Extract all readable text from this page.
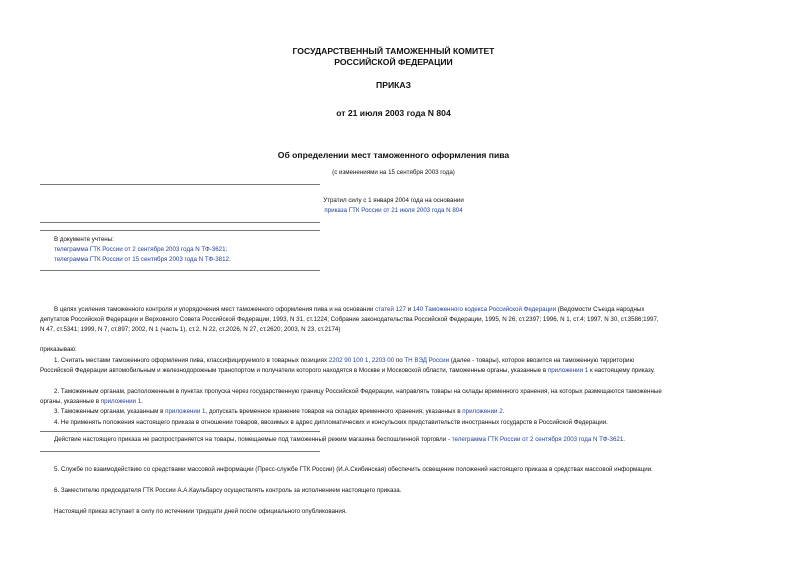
ГОСУДАРСТВЕННЫЙ ТАМОЖЕННЫЙ КОМИТЕТ
РОССИЙСКОЙ ФЕДЕРАЦИИ
ПРИКАЗ
от 21 июля 2003 года N 804
Об определении мест таможенного оформления пива
(с изменениями на 15 сентября 2003 года)
Утратил силу с 1 января 2004 года на основании
приказа ГТК России от 21 июля 2003 года N 804
В документе учтены:
телеграмма ГТК России от 2 сентября 2003 года N ТФ-3621;
телеграмма ГТК России от 15 сентября 2003 года N ТФ-3812.
В целях усиления таможенного контроля и упорядочения мест таможенного оформления пива и на основании статей 127 и 140 Таможенного кодекса Российской Федерации (Ведомости Съезда народных
депутатов Российской Федерации и Верховного Совета Российской Федерации, 1993, N 31, ст.1224; Собрание законодательства Российской Федерации, 1995, N 26, ст.2397; 1996, N 1, ст.4; 1997, N 30, ст.3586;1997,
N 47, ст.5341; 1999, N 7, ст.897; 2002, N 1 (часть 1), ст.2, N 22, ст.2026, N 27, ст.2620; 2003, N 23, ст.2174)
приказываю:
1. Считать местами таможенного оформления пива, классифицируемого в товарных позициях 2202 90 100 1, 2203 00 по ТН ВЭД России (далее - товары), которое ввозится на таможенную территорию
Российской Федерации автомобильным и железнодорожным транспортом и получатели которого находятся в Москве и Московской области, таможенные органы, указанные в приложении 1 к настоящему приказу.
2. Таможенным органам, расположенным в пунктах пропуска через государственную границу Российской Федерации, направлять товары на склады временного хранения, на которых размещаются таможенные
органы, указанные в приложении 1.
3. Таможенным органам, указанным в приложении 1, допускать временное хранение товаров на складах временного хранения, указанных в приложении 2.
4. Не применять положения настоящего приказа в отношении товаров, ввозимых в адрес дипломатических и консульских представительств иностранных государств в Российской Федерации.
Действие настоящего приказа не распространяется на товары, помещаемые под таможенный режим магазина беспошлинной торговли - телеграмма ГТК России от 2 сентября 2003 года N ТФ-3621.
5. Службе по взаимодействию со средствами массовой информации (Пресс-службе ГТК России) (И.А.Скибинская) обеспечить освещение положений настоящего приказа в средствах массовой информации.
6. Заместителю председателя ГТК России А.А.Каульбарсу осуществлять контроль за исполнением настоящего приказа.
Настоящий приказ вступает в силу по истечении тридцати дней после официального опубликования.
